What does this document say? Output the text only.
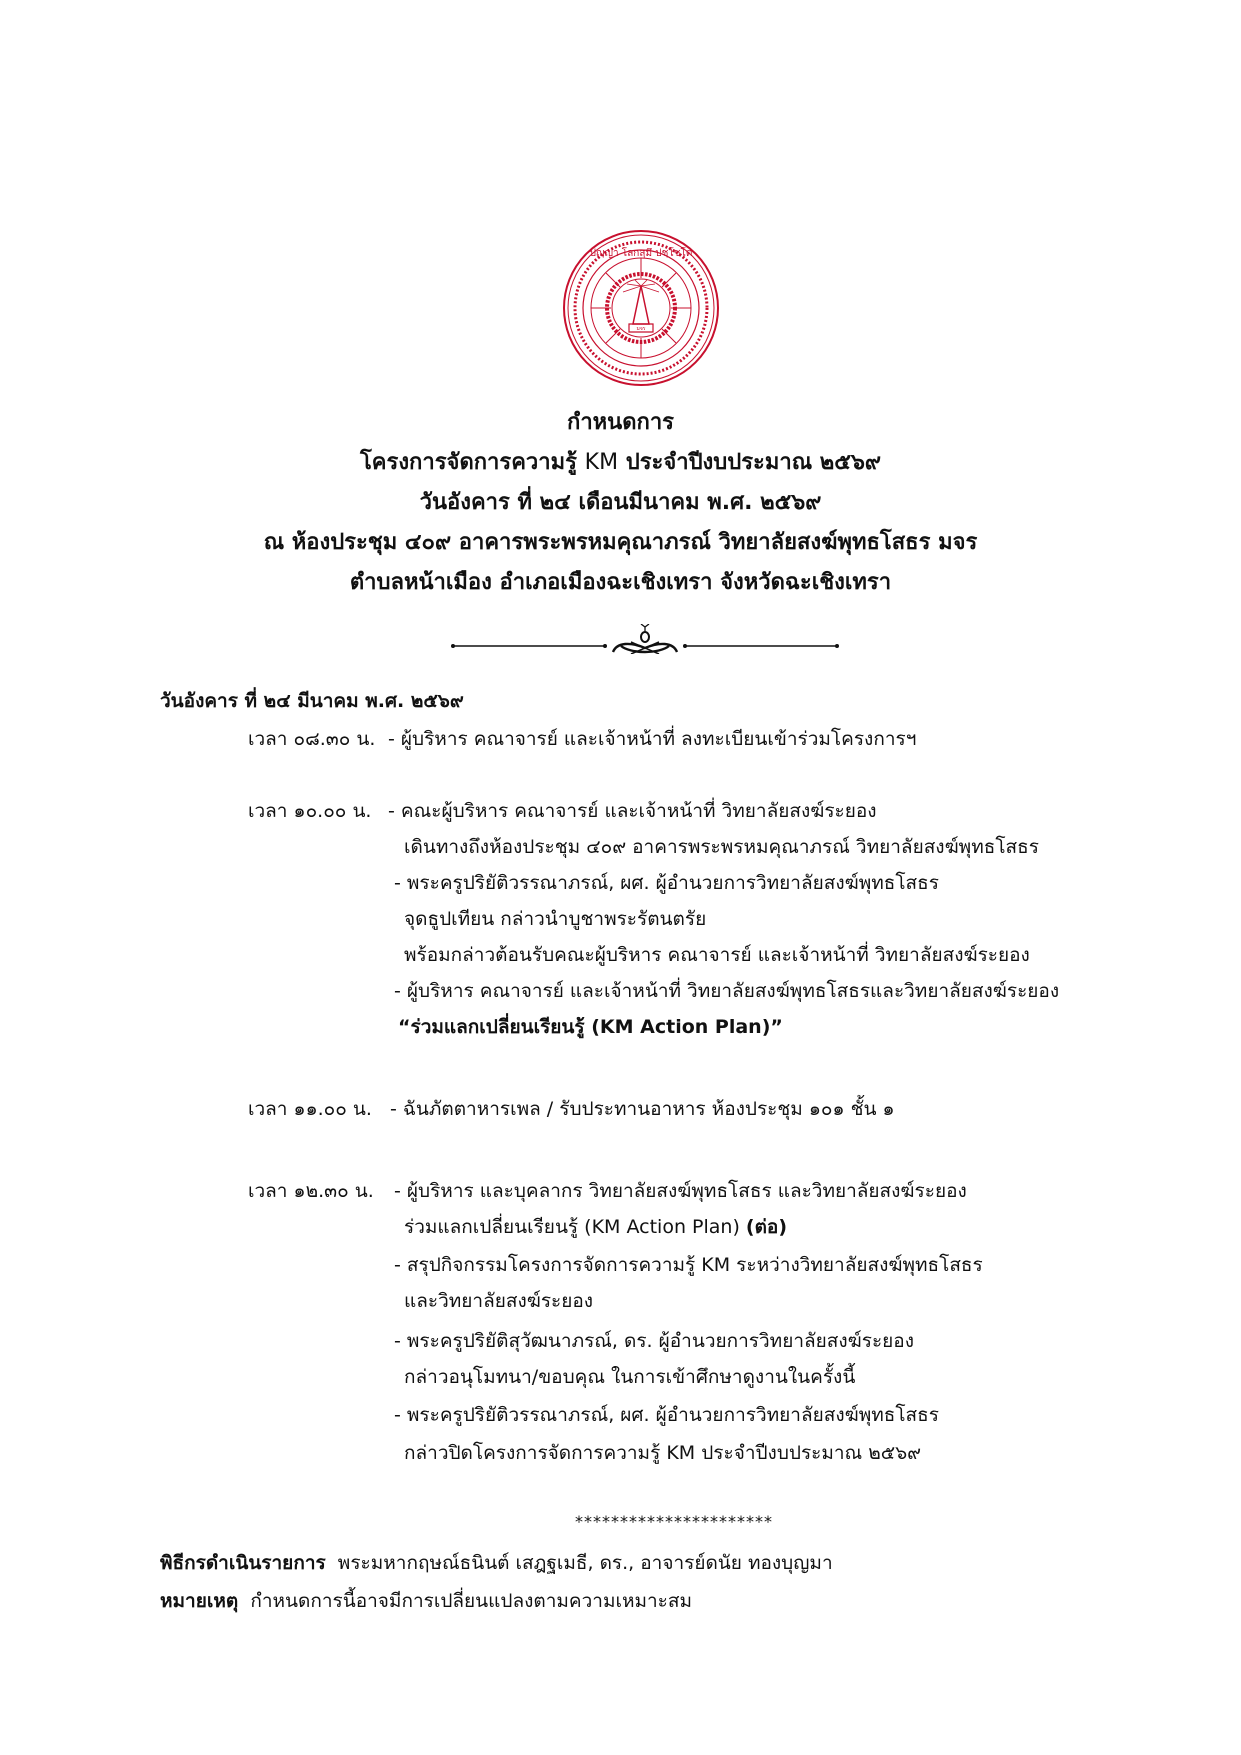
ปญฺญา โลกสฺมึ ปชฺโชโต
มจร
กำหนดการ
โครงการจัดการความรู้ KM ประจำปีงบประมาณ ๒๕๖๙
วันอังคาร ที่ ๒๔ เดือนมีนาคม พ.ศ. ๒๕๖๙
ณ ห้องประชุม ๔๐๙ อาคารพระพรหมคุณาภรณ์ วิทยาลัยสงฆ์พุทธโสธร มจร
ตำบลหน้าเมือง อำเภอเมืองฉะเชิงเทรา จังหวัดฉะเชิงเทรา
วันอังคาร ที่ ๒๔ มีนาคม พ.ศ. ๒๕๖๙
เวลา ๐๘.๓๐ น. - ผู้บริหาร คณาจารย์ และเจ้าหน้าที่ ลงทะเบียนเข้าร่วมโครงการฯ
เวลา ๑๐.๐๐ น. - คณะผู้บริหาร คณาจารย์ และเจ้าหน้าที่ วิทยาลัยสงฆ์ระยอง
เดินทางถึงห้องประชุม ๔๐๙ อาคารพระพรหมคุณาภรณ์ วิทยาลัยสงฆ์พุทธโสธร
- พระครูปริยัติวรรณาภรณ์, ผศ. ผู้อำนวยการวิทยาลัยสงฆ์พุทธโสธร
จุดธูปเทียน กล่าวนำบูชาพระรัตนตรัย
พร้อมกล่าวต้อนรับคณะผู้บริหาร คณาจารย์ และเจ้าหน้าที่ วิทยาลัยสงฆ์ระยอง
- ผู้บริหาร คณาจารย์ และเจ้าหน้าที่ วิทยาลัยสงฆ์พุทธโสธรและวิทยาลัยสงฆ์ระยอง
“ร่วมแลกเปลี่ยนเรียนรู้ (KM Action Plan)”
เวลา ๑๑.๐๐ น. - ฉันภัตตาหารเพล / รับประทานอาหาร ห้องประชุม ๑๐๑ ชั้น ๑
เวลา ๑๒.๓๐ น. - ผู้บริหาร และบุคลากร วิทยาลัยสงฆ์พุทธโสธร และวิทยาลัยสงฆ์ระยอง
ร่วมแลกเปลี่ยนเรียนรู้ (KM Action Plan) (ต่อ)
- สรุปกิจกรรมโครงการจัดการความรู้ KM ระหว่างวิทยาลัยสงฆ์พุทธโสธร
และวิทยาลัยสงฆ์ระยอง
- พระครูปริยัติสุวัฒนาภรณ์, ดร. ผู้อำนวยการวิทยาลัยสงฆ์ระยอง
กล่าวอนุโมทนา/ขอบคุณ ในการเข้าศึกษาดูงานในครั้งนี้
- พระครูปริยัติวรรณาภรณ์, ผศ. ผู้อำนวยการวิทยาลัยสงฆ์พุทธโสธร
กล่าวปิดโครงการจัดการความรู้ KM ประจำปีงบประมาณ ๒๕๖๙
**********************
พิธีกรดำเนินรายการ พระมหากฤษณ์ธนินต์ เสฎฐเมธี, ดร., อาจารย์ดนัย ทองบุญมา
หมายเหตุ กำหนดการนี้อาจมีการเปลี่ยนแปลงตามความเหมาะสม
